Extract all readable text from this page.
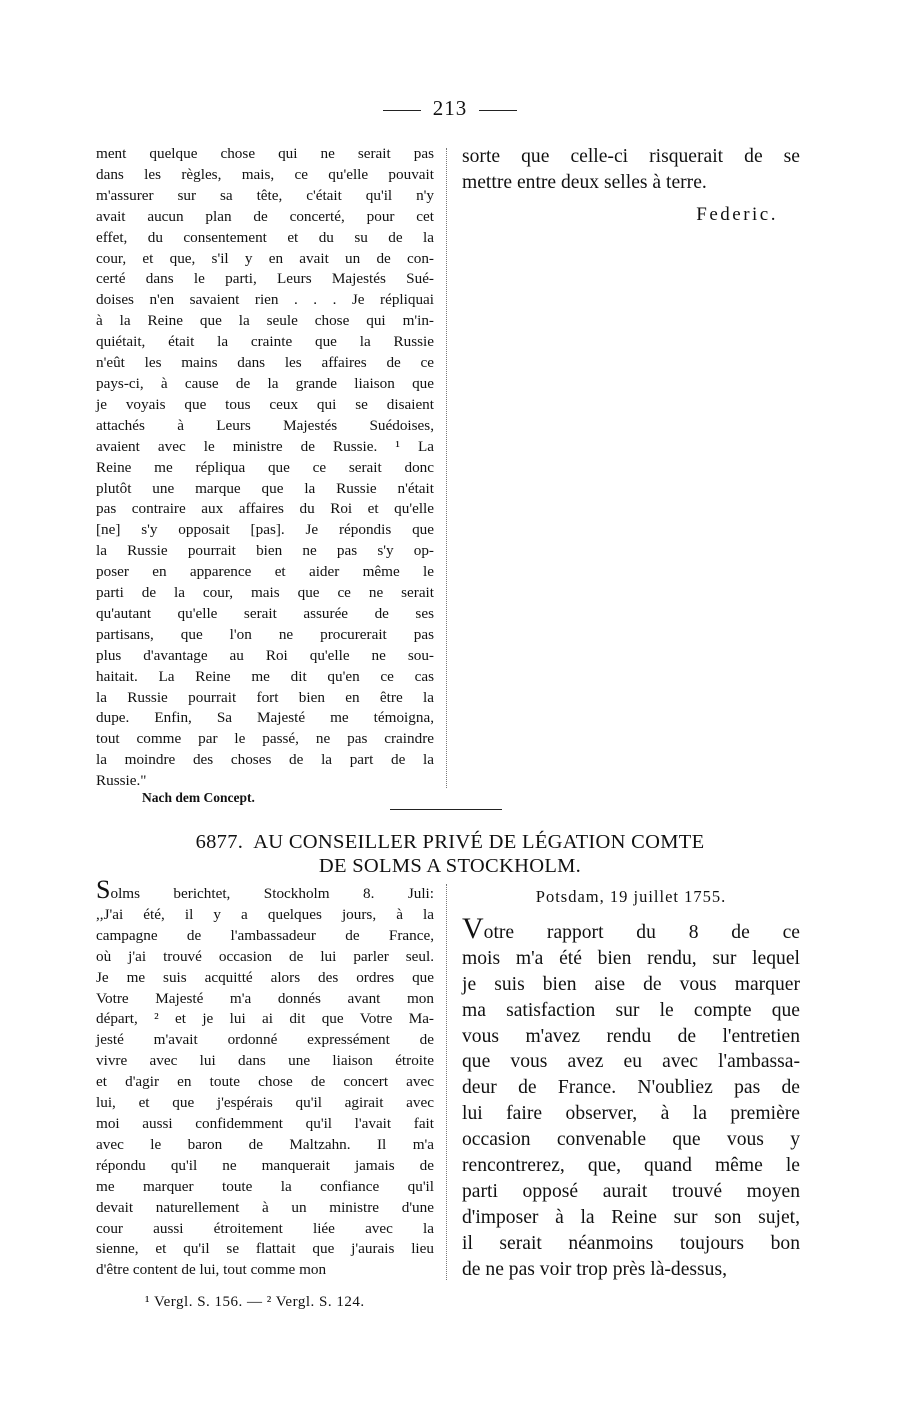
213

ment quelque chose qui ne serait pas

dans les règles, mais, ce qu'elle pouvait

m'assurer sur sa tête, c'était qu'il n'y

avait aucun plan de concerté, pour cet

effet, du consentement et du su de la

cour, et que, s'il y en avait un de con-

certé dans le parti, Leurs Majestés Sué-

doises n'en savaient rien . . . Je répliquai

à la Reine que la seule chose qui m'in-

quiétait, était la crainte que la Russie

n'eût les mains dans les affaires de ce

pays-ci, à cause de la grande liaison que

je voyais que tous ceux qui se disaient

attachés à Leurs Majestés Suédoises,

avaient avec le ministre de Russie. ¹ La

Reine me répliqua que ce serait donc

plutôt une marque que la Russie n'était

pas contraire aux affaires du Roi et qu'elle

[ne] s'y opposait [pas]. Je répondis que

la Russie pourrait bien ne pas s'y op-

poser en apparence et aider même le

parti de la cour, mais que ce ne serait

qu'autant qu'elle serait assurée de ses

partisans, que l'on ne procurerait pas

plus d'avantage au Roi qu'elle ne sou-

haitait. La Reine me dit qu'en ce cas

la Russie pourrait fort bien en être la

dupe. Enfin, Sa Majesté me témoigna,

tout comme par le passé, ne pas craindre

la moindre des choses de la part de la

Russie."

sorte que celle-ci risquerait de se

mettre entre deux selles à terre.

Federic.
Nach dem Concept.
6877. AU CONSEILLER PRIVÉ DE LÉGATION COMTE
DE SOLMS A STOCKHOLM.

Solms berichtet, Stockholm 8. Juli:

,,J'ai été, il y a quelques jours, à la

campagne de l'ambassadeur de France,

où j'ai trouvé occasion de lui parler seul.

Je me suis acquitté alors des ordres que

Votre Majesté m'a donnés avant mon

départ, ² et je lui ai dit que Votre Ma-

jesté m'avait ordonné expressément de

vivre avec lui dans une liaison étroite

et d'agir en toute chose de concert avec

lui, et que j'espérais qu'il agirait avec

moi aussi confidemment qu'il l'avait fait

avec le baron de Maltzahn. Il m'a

répondu qu'il ne manquerait jamais de

me marquer toute la confiance qu'il

devait naturellement à un ministre d'une

cour aussi étroitement liée avec la

sienne, et qu'il se flattait que j'aurais lieu

d'être content de lui, tout comme mon

Potsdam, 19 juillet 1755.

Votre rapport du 8 de ce

mois m'a été bien rendu, sur lequel

je suis bien aise de vous marquer

ma satisfaction sur le compte que

vous m'avez rendu de l'entretien

que vous avez eu avec l'ambassa-

deur de France. N'oubliez pas de

lui faire observer, à la première

occasion convenable que vous y

rencontrerez, que, quand même le

parti opposé aurait trouvé moyen

d'imposer à la Reine sur son sujet,

il serait néanmoins toujours bon

de ne pas voir trop près là-dessus,

¹ Vergl. S. 156. — ² Vergl. S. 124.
